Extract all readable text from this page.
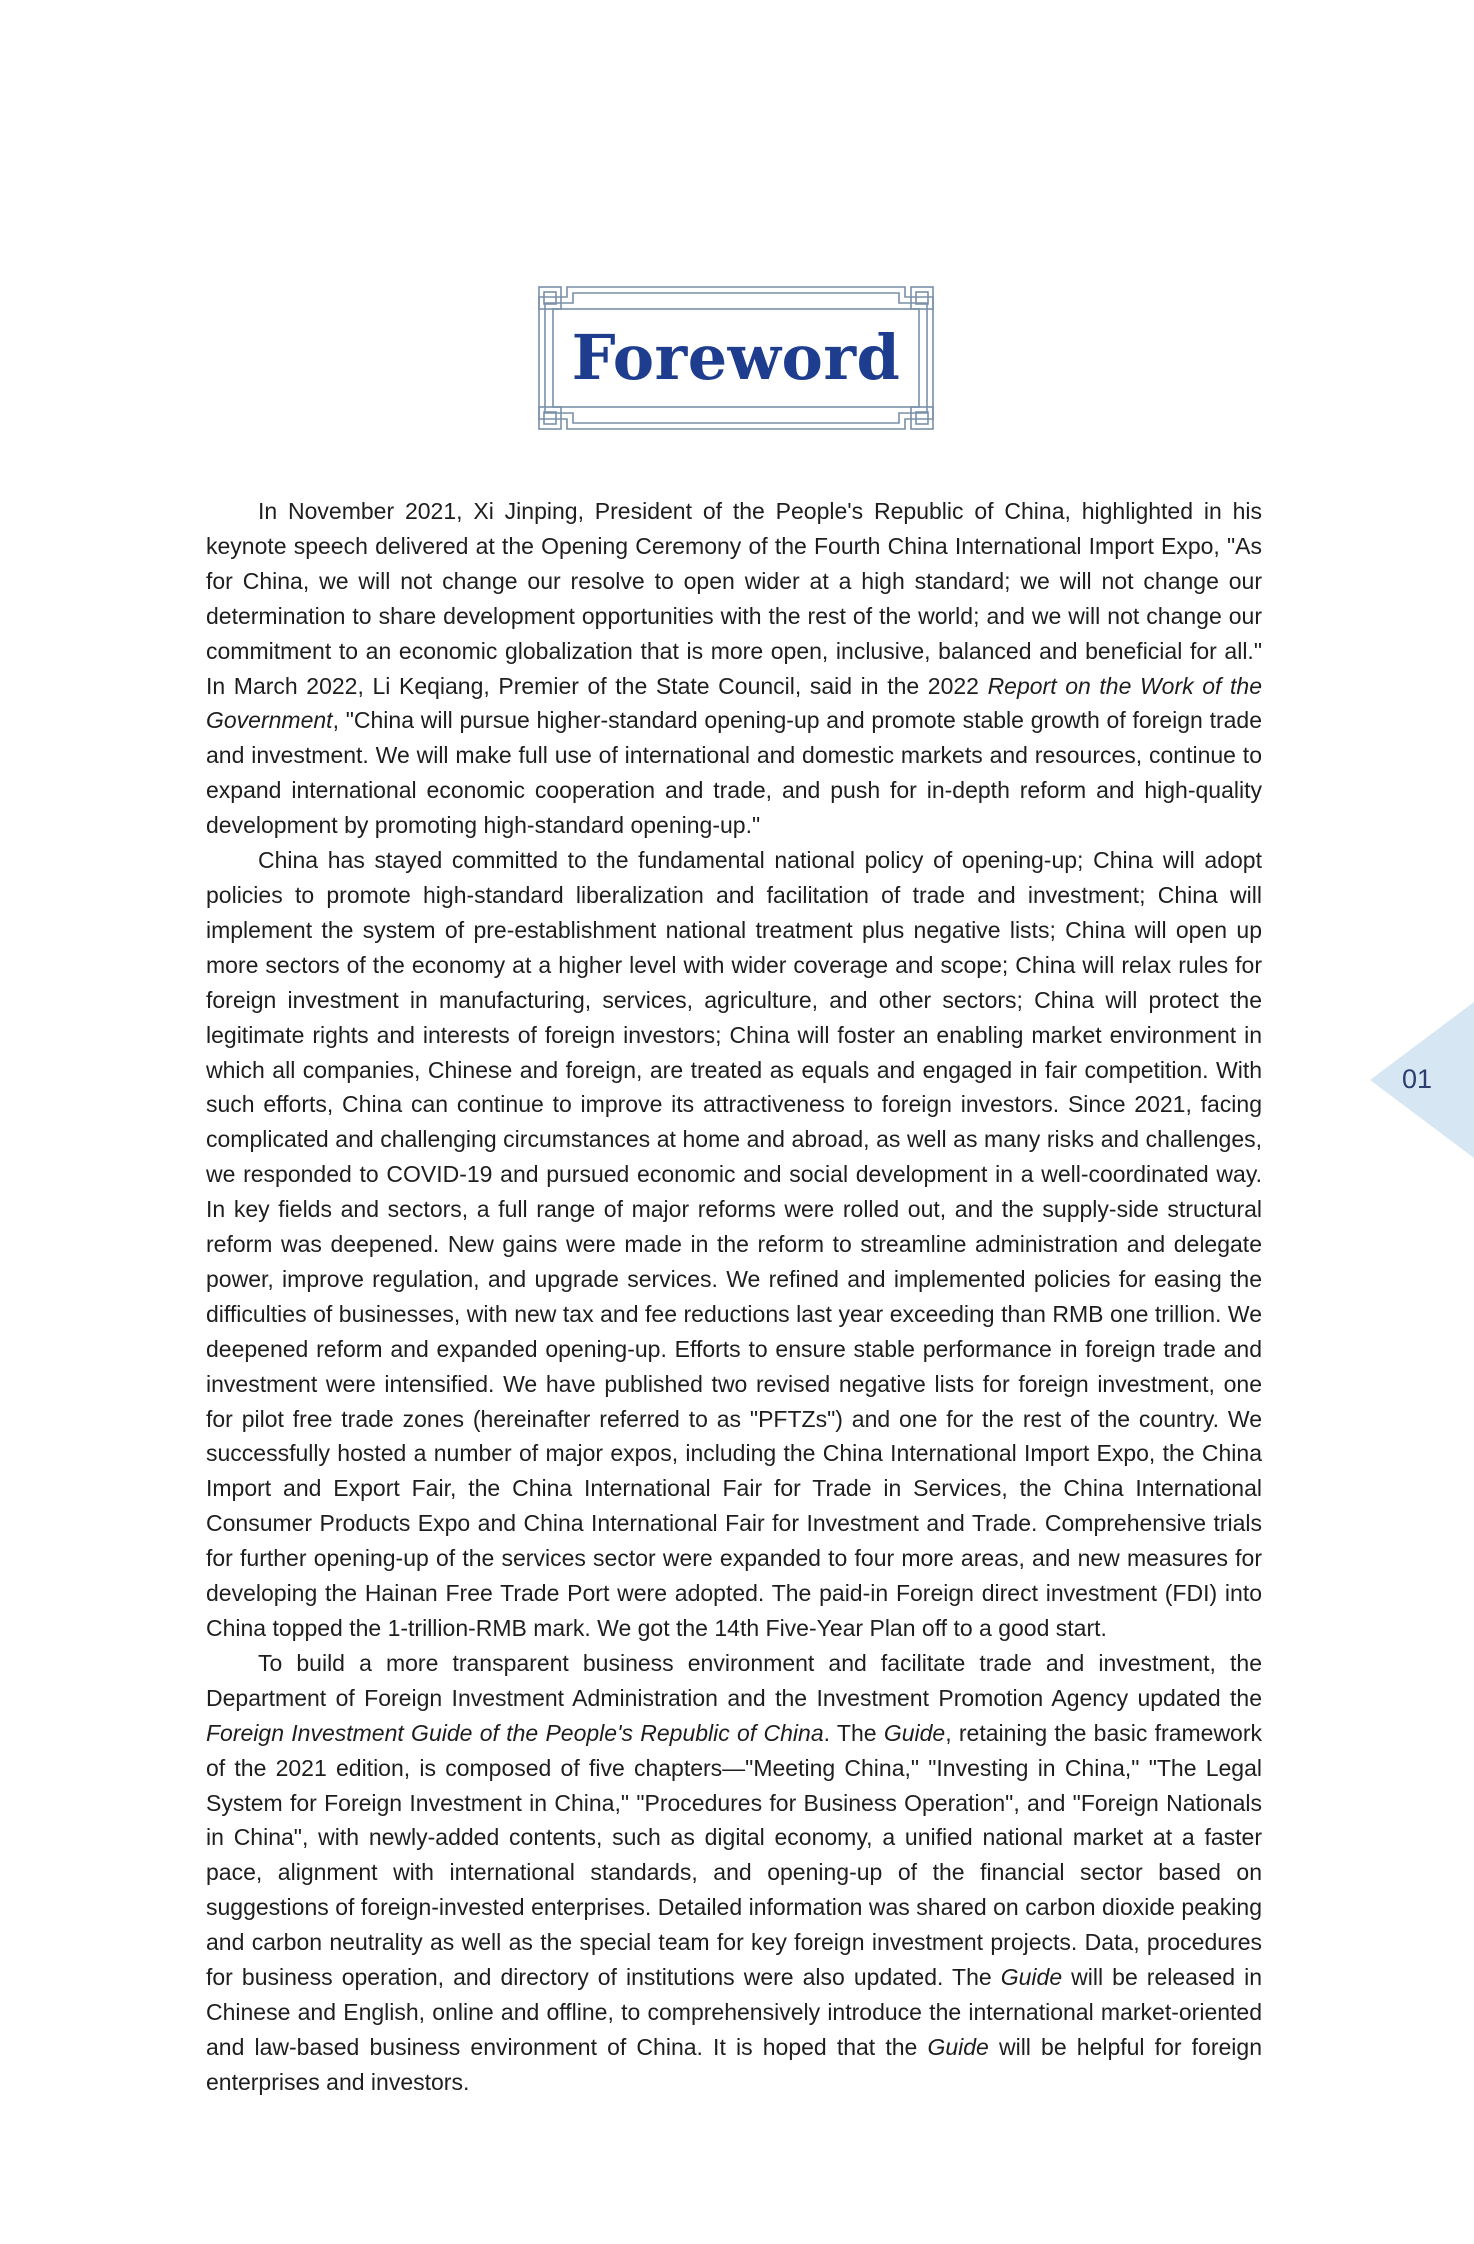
Foreword

In November 2021, Xi Jinping, President of the People's Republic of China, highlighted in his keynote speech delivered at the Opening Ceremony of the Fourth China International Import Expo, "As for China, we will not change our resolve to open wider at a high standard; we will not change our determination to share development opportunities with the rest of the world; and we will not change our commitment to an economic globalization that is more open, inclusive, balanced and beneficial for all." In March 2022, Li Keqiang, Premier of the State Council, said in the 2022 Report on the Work of the Government, "China will pursue higher-standard opening-up and promote stable growth of foreign trade and investment. We will make full use of international and domestic markets and resources, continue to expand international economic cooperation and trade, and push for in-depth reform and high-quality development by promoting high-standard opening-up."

China has stayed committed to the fundamental national policy of opening-up; China will adopt policies to promote high-standard liberalization and facilitation of trade and investment; China will implement the system of pre-establishment national treatment plus negative lists; China will open up more sectors of the economy at a higher level with wider coverage and scope; China will relax rules for foreign investment in manufacturing, services, agriculture, and other sectors; China will protect the legitimate rights and interests of foreign investors; China will foster an enabling market environment in which all companies, Chinese and foreign, are treated as equals and engaged in fair competition. With such efforts, China can continue to improve its attractiveness to foreign investors. Since 2021, facing complicated and challenging circumstances at home and abroad, as well as many risks and challenges, we responded to COVID-19 and pursued economic and social development in a well-coordinated way. In key fields and sectors, a full range of major reforms were rolled out, and the supply-side structural reform was deepened. New gains were made in the reform to streamline administration and delegate power, improve regulation, and upgrade services. We refined and implemented policies for easing the difficulties of businesses, with new tax and fee reductions last year exceeding than RMB one trillion. We deepened reform and expanded opening-up. Efforts to ensure stable performance in foreign trade and investment were intensified. We have published two revised negative lists for foreign investment, one for pilot free trade zones (hereinafter referred to as "PFTZs") and one for the rest of the country. We successfully hosted a number of major expos, including the China International Import Expo, the China Import and Export Fair, the China International Fair for Trade in Services, the China International Consumer Products Expo and China International Fair for Investment and Trade. Comprehensive trials for further opening-up of the services sector were expanded to four more areas, and new measures for developing the Hainan Free Trade Port were adopted. The paid-in Foreign direct investment (FDI) into China topped the 1-trillion-RMB mark. We got the 14th Five-Year Plan off to a good start.

To build a more transparent business environment and facilitate trade and investment, the Department of Foreign Investment Administration and the Investment Promotion Agency updated the Foreign Investment Guide of the People's Republic of China. The Guide, retaining the basic framework of the 2021 edition, is composed of five chapters—"Meeting China," "Investing in China," "The Legal System for Foreign Investment in China," "Procedures for Business Operation", and "Foreign Nationals in China", with newly-added contents, such as digital economy, a unified national market at a faster pace, alignment with international standards, and opening-up of the financial sector based on suggestions of foreign-invested enterprises. Detailed information was shared on carbon dioxide peaking and carbon neutrality as well as the special team for key foreign investment projects. Data, procedures for business operation, and directory of institutions were also updated. The Guide will be released in Chinese and English, online and offline, to comprehensively introduce the international market-oriented and law-based business environment of China. It is hoped that the Guide will be helpful for foreign enterprises and investors.

01
